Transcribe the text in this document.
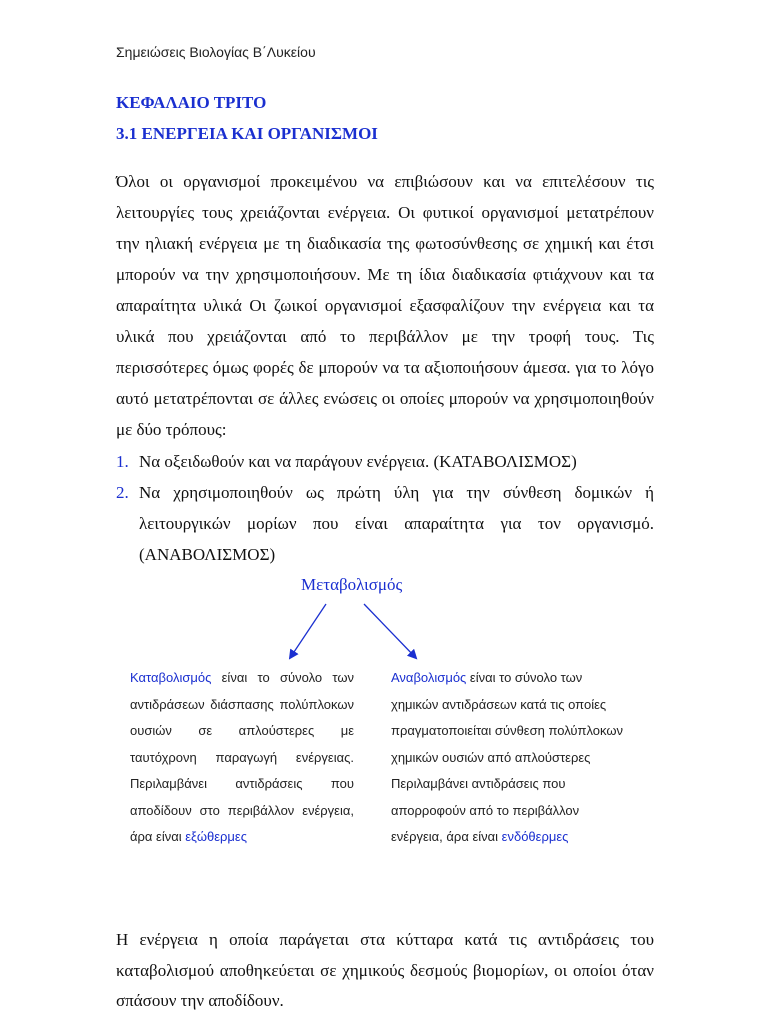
Σημειώσεις Βιολογίας Β΄Λυκείου
ΚΕΦΑΛΑΙΟ ΤΡΙΤΟ
3.1 ΕΝΕΡΓΕΙΑ ΚΑΙ ΟΡΓΑΝΙΣΜΟΙ

Όλοι οι οργανισμοί προκειμένου να επιβιώσουν και να επιτελέσουν τις λειτουργίες τους χρειάζονται ενέργεια. Οι φυτικοί οργανισμοί μετατρέπουν την ηλιακή ενέργεια με τη διαδικασία της φωτοσύνθεσης σε χημική και έτσι μπορούν να την χρησιμοποιήσουν. Με τη ίδια διαδικασία φτιάχνουν και τα απαραίτητα υλικά Οι ζωικοί οργανισμοί εξασφαλίζουν την ενέργεια και τα υλικά που χρειάζονται από το περιβάλλον με την τροφή τους. Τις περισσότερες όμως φορές δε μπορούν να τα αξιοποιήσουν άμεσα. για το λόγο αυτό μετατρέπονται σε άλλες ενώσεις οι οποίες μπορούν να χρησιμοποιηθούν με δύο τρόπους:

1. Να οξειδωθούν και να παράγουν ενέργεια. (ΚΑΤΑΒΟΛΙΣΜΟΣ)
2. Να χρησιμοποιηθούν ως πρώτη ύλη για την σύνθεση δομικών ή λειτουργικών μορίων που είναι απαραίτητα για τον οργανισμό. (ΑΝΑΒΟΛΙΣΜΟΣ)
Μεταβολισμός

Καταβολισμός είναι το σύνολο των αντιδράσεων διάσπασης πολύπλοκων ουσιών σε απλούστερες με ταυτόχρονη παραγωγή ενέργειας. Περιλαμβάνει αντιδράσεις που αποδίδουν στο περιβάλλον ενέργεια, άρα είναι εξώθερμες

Αναβολισμός είναι το σύνολο των χημικών αντιδράσεων κατά τις οποίες πραγματοποιείται σύνθεση πολύπλοκων χημικών ουσιών από απλούστερες Περιλαμβάνει αντιδράσεις που απορροφούν από το περιβάλλον ενέργεια, άρα είναι ενδόθερμες

Η ενέργεια η οποία παράγεται στα κύτταρα κατά τις αντιδράσεις του καταβολισμού αποθηκεύεται σε χημικούς δεσμούς βιομορίων, οι οποίοι όταν σπάσουν την αποδίδουν.
